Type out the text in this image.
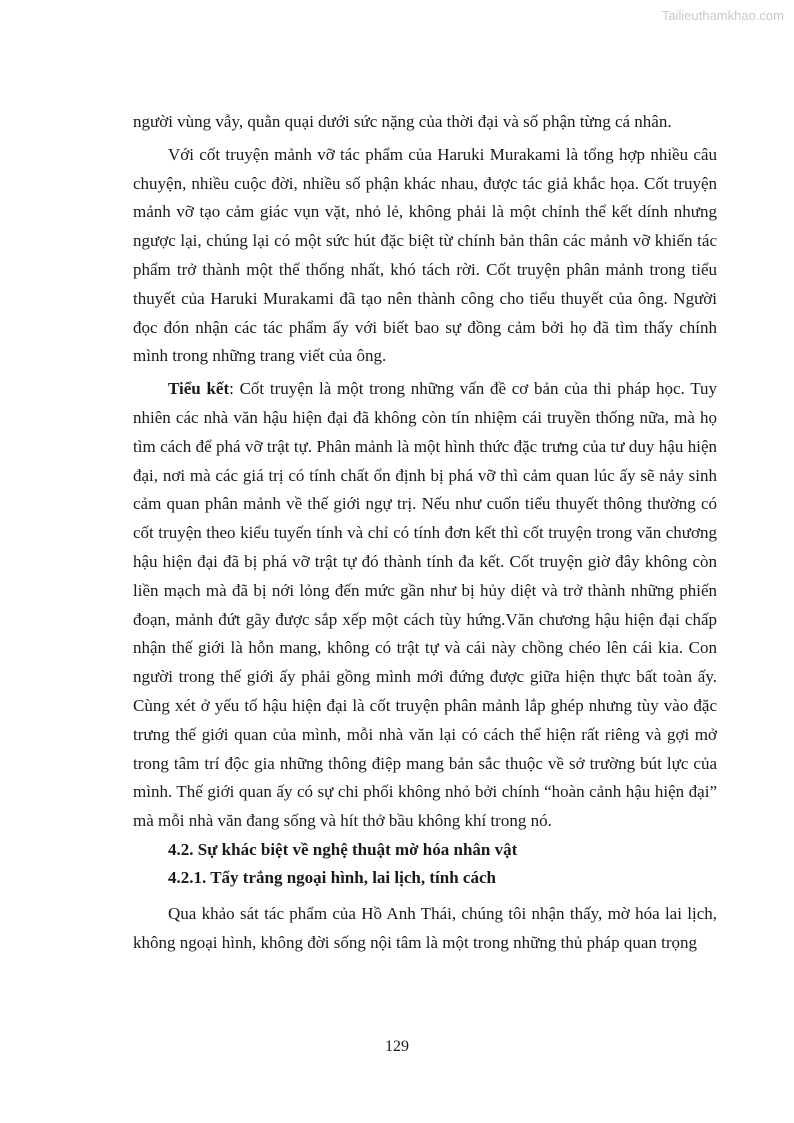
Tailieuthamkhao.com

người vùng vẫy, quằn quại dưới sức nặng của thời đại và số phận từng cá nhân.

Với cốt truyện mảnh vỡ tác phẩm của Haruki Murakami là tổng hợp nhiều câu chuyện, nhiều cuộc đời, nhiều số phận khác nhau, được tác giả khắc họa. Cốt truyện mảnh vỡ tạo cảm giác vụn vặt, nhỏ lẻ, không phải là một chỉnh thể kết dính nhưng ngược lại, chúng lại có một sức hút đặc biệt từ chính bản thân các mảnh vỡ khiến tác phẩm trở thành một thể thống nhất, khó tách rời. Cốt truyện phân mảnh trong tiểu thuyết của Haruki Murakami đã tạo nên thành công cho tiểu thuyết của ông. Người đọc đón nhận các tác phẩm ấy với biết bao sự đồng cảm bởi họ đã tìm thấy chính mình trong những trang viết của ông.

Tiểu kết: Cốt truyện là một trong những vấn đề cơ bản của thi pháp học. Tuy nhiên các nhà văn hậu hiện đại đã không còn tín nhiệm cái truyền thống nữa, mà họ tìm cách để phá vỡ trật tự. Phân mảnh là một hình thức đặc trưng của tư duy hậu hiện đại, nơi mà các giá trị có tính chất ổn định bị phá vỡ thì cảm quan lúc ấy sẽ nảy sinh cảm quan phân mảnh về thế giới ngự trị. Nếu như cuốn tiểu thuyết thông thường có cốt truyện theo kiểu tuyến tính và chỉ có tính đơn kết thì cốt truyện trong văn chương hậu hiện đại đã bị phá vỡ trật tự đó thành tính đa kết. Cốt truyện giờ đây không còn liền mạch mà đã bị nới lỏng đến mức gần như bị hủy diệt và trở thành những phiến đoạn, mảnh đứt gãy được sắp xếp một cách tùy hứng.Văn chương hậu hiện đại chấp nhận thế giới là hỗn mang, không có trật tự và cái này chồng chéo lên cái kia. Con người trong thế giới ấy phải gồng mình mới đứng được giữa hiện thực bất toàn ấy. Cùng xét ở yếu tố hậu hiện đại là cốt truyện phân mảnh lắp ghép nhưng tùy vào đặc trưng thế giới quan của mình, mỗi nhà văn lại có cách thể hiện rất riêng và gợi mở trong tâm trí độc gia những thông điệp mang bản sắc thuộc về sở trường bút lực của mình. Thế giới quan ấy có sự chi phối không nhỏ bởi chính “hoàn cảnh hậu hiện đại” mà mỗi nhà văn đang sống và hít thở bầu không khí trong nó.

4.2. Sự khác biệt về nghệ thuật mờ hóa nhân vật

4.2.1. Tẩy trắng ngoại hình, lai lịch, tính cách

Qua khảo sát tác phẩm của Hồ Anh Thái, chúng tôi nhận thấy, mờ hóa lai lịch, không ngoại hình, không đời sống nội tâm là một trong những thủ pháp quan trọng

129
